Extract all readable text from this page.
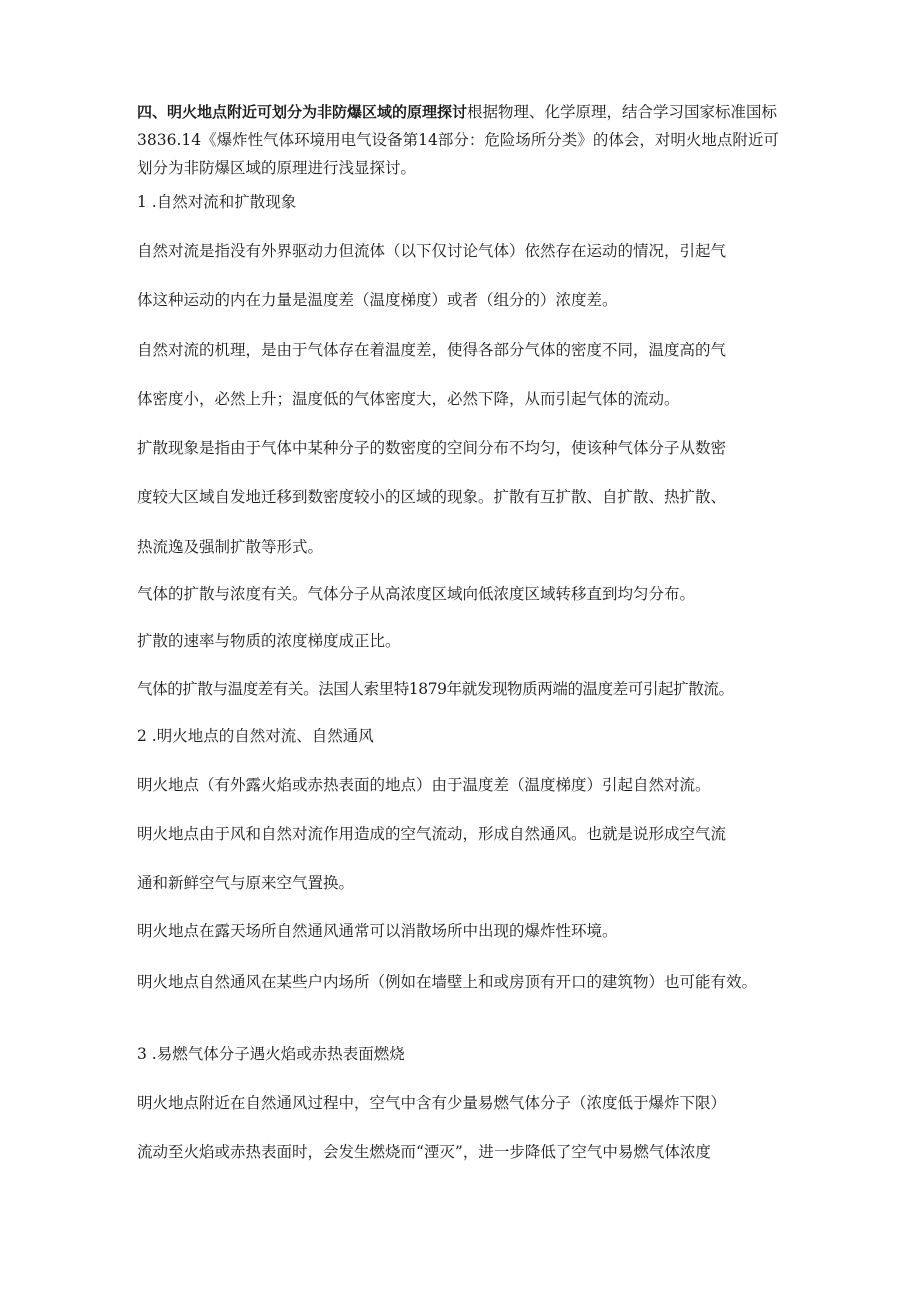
四、明火地点附近可划分为非防爆区域的原理探讨根据物理、化学原理，结合学习国家标准国标3836.14《爆炸性气体环境用电气设备第14部分：危险场所分类》的体会，对明火地点附近可划分为非防爆区域的原理进行浅显探讨。

1 .自然对流和扩散现象

自然对流是指没有外界驱动力但流体（以下仅讨论气体）依然存在运动的情况，引起气

体这种运动的内在力量是温度差（温度梯度）或者（组分的）浓度差。

自然对流的机理，是由于气体存在着温度差，使得各部分气体的密度不同，温度高的气

体密度小，必然上升；温度低的气体密度大，必然下降，从而引起气体的流动。

扩散现象是指由于气体中某种分子的数密度的空间分布不均匀，使该种气体分子从数密

度较大区域自发地迁移到数密度较小的区域的现象。扩散有互扩散、自扩散、热扩散、

热流逸及强制扩散等形式。

气体的扩散与浓度有关。气体分子从高浓度区域向低浓度区域转移直到均匀分布。

扩散的速率与物质的浓度梯度成正比。

气体的扩散与温度差有关。法国人索里特1879年就发现物质两端的温度差可引起扩散流。

2 .明火地点的自然对流、自然通风

明火地点（有外露火焰或赤热表面的地点）由于温度差（温度梯度）引起自然对流。

明火地点由于风和自然对流作用造成的空气流动，形成自然通风。也就是说形成空气流

通和新鲜空气与原来空气置换。

明火地点在露天场所自然通风通常可以消散场所中出现的爆炸性环境。

明火地点自然通风在某些户内场所（例如在墙壁上和或房顶有开口的建筑物）也可能有效。

3 .易燃气体分子遇火焰或赤热表面燃烧

明火地点附近在自然通风过程中，空气中含有少量易燃气体分子（浓度低于爆炸下限）

流动至火焰或赤热表面时，会发生燃烧而“湮灭”，进一步降低了空气中易燃气体浓度
